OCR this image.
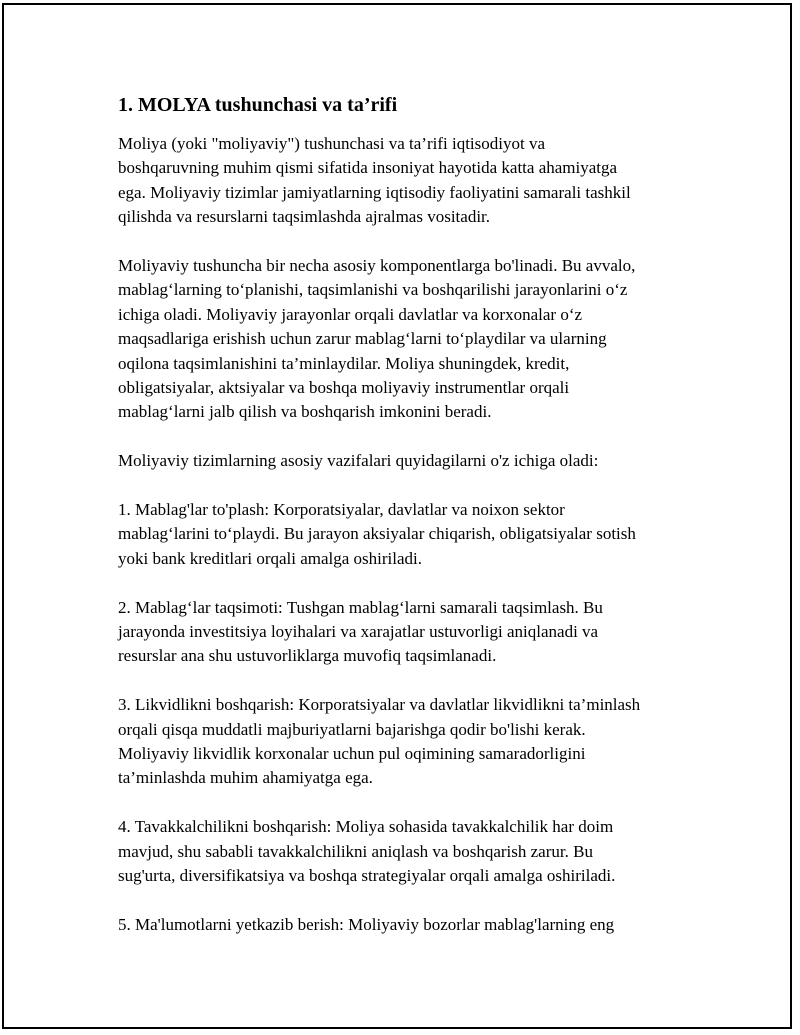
1. MOLYA tushunchasi va ta’rifi

Moliya (yoki "moliyaviy") tushunchasi va ta’rifi iqtisodiyot va
boshqaruvning muhim qismi sifatida insoniyat hayotida katta ahamiyatga
ega. Moliyaviy tizimlar jamiyatlarning iqtisodiy faoliyatini samarali tashkil
qilishda va resurslarni taqsimlashda ajralmas vositadir.

Moliyaviy tushuncha bir necha asosiy komponentlarga bo'linadi. Bu avvalo,
mablag‘larning to‘planishi, taqsimlanishi va boshqarilishi jarayonlarini o‘z
ichiga oladi. Moliyaviy jarayonlar orqali davlatlar va korxonalar o‘z
maqsadlariga erishish uchun zarur mablag‘larni to‘playdilar va ularning
oqilona taqsimlanishini ta’minlaydilar. Moliya shuningdek, kredit,
obligatsiyalar, aktsiyalar va boshqa moliyaviy instrumentlar orqali
mablag‘larni jalb qilish va boshqarish imkonini beradi.

Moliyaviy tizimlarning asosiy vazifalari quyidagilarni o'z ichiga oladi:

1. Mablag'lar to'plash: Korporatsiyalar, davlatlar va noixon sektor
mablag‘larini to‘playdi. Bu jarayon aksiyalar chiqarish, obligatsiyalar sotish
yoki bank kreditlari orqali amalga oshiriladi.

2. Mablag‘lar taqsimoti: Tushgan mablag‘larni samarali taqsimlash. Bu
jarayonda investitsiya loyihalari va xarajatlar ustuvorligi aniqlanadi va
resurslar ana shu ustuvorliklarga muvofiq taqsimlanadi.

3. Likvidlikni boshqarish: Korporatsiyalar va davlatlar likvidlikni ta’minlash
orqali qisqa muddatli majburiyatlarni bajarishga qodir bo'lishi kerak.
Moliyaviy likvidlik korxonalar uchun pul oqimining samaradorligini
ta’minlashda muhim ahamiyatga ega.

4. Tavakkalchilikni boshqarish: Moliya sohasida tavakkalchilik har doim
mavjud, shu sababli tavakkalchilikni aniqlash va boshqarish zarur. Bu
sug'urta, diversifikatsiya va boshqa strategiyalar orqali amalga oshiriladi.

5. Ma'lumotlarni yetkazib berish: Moliyaviy bozorlar mablag'larning eng
